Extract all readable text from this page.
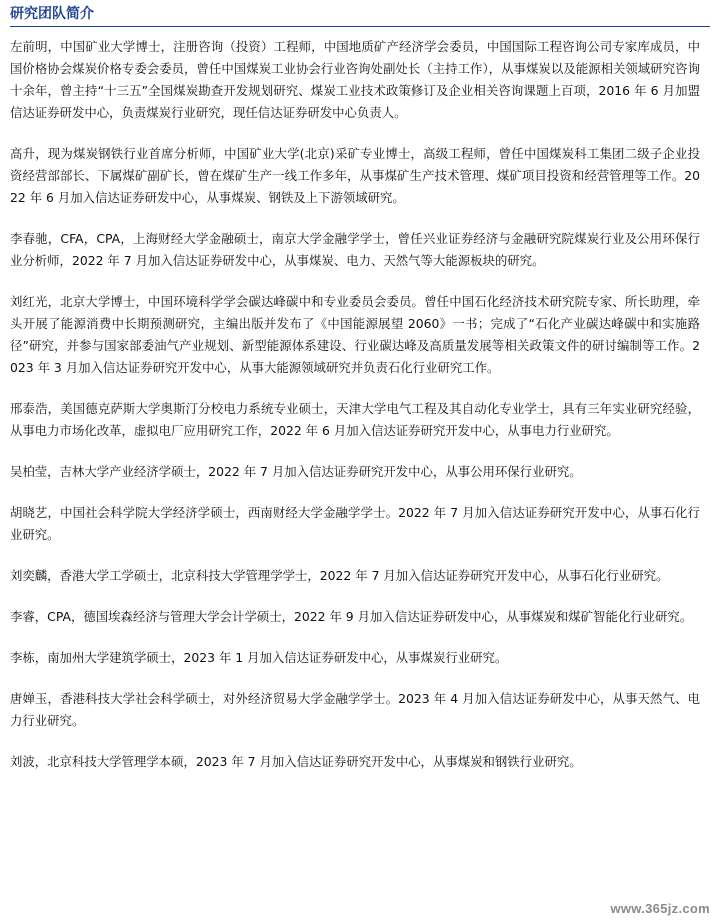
研究团队简介

左前明，中国矿业大学博士，注册咨询（投资）工程师，中国地质矿产经济学会委员，中国国际工程咨询公司专家库成员，中国价格协会煤炭价格专委会委员，曾任中国煤炭工业协会行业咨询处副处长（主持工作），从事煤炭以及能源相关领域研究咨询十余年，曾主持“十三五”全国煤炭勘查开发规划研究、煤炭工业技术政策修订及企业相关咨询课题上百项，2016 年 6 月加盟信达证券研发中心，负责煤炭行业研究，现任信达证券研发中心负责人。

高升，现为煤炭钢铁行业首席分析师，中国矿业大学(北京)采矿专业博士，高级工程师，曾任中国煤炭科工集团二级子企业投资经营部部长、下属煤矿副矿长，曾在煤矿生产一线工作多年，从事煤矿生产技术管理、煤矿项目投资和经营管理等工作。2022 年 6 月加入信达证券研发中心，从事煤炭、钢铁及上下游领域研究。

李春驰，CFA，CPA，上海财经大学金融硕士，南京大学金融学学士，曾任兴业证券经济与金融研究院煤炭行业及公用环保行业分析师，2022 年 7 月加入信达证券研发中心，从事煤炭、电力、天然气等大能源板块的研究。

刘红光，北京大学博士，中国环境科学学会碳达峰碳中和专业委员会委员。曾任中国石化经济技术研究院专家、所长助理，牵头开展了能源消费中长期预测研究，主编出版并发布了《中国能源展望 2060》一书；完成了“石化产业碳达峰碳中和实施路径”研究，并参与国家部委油气产业规划、新型能源体系建设、行业碳达峰及高质量发展等相关政策文件的研讨编制等工作。2023 年 3 月加入信达证券研究开发中心，从事大能源领域研究并负责石化行业研究工作。

邢泰浩，美国德克萨斯大学奥斯汀分校电力系统专业硕士，天津大学电气工程及其自动化专业学士，具有三年实业研究经验，从事电力市场化改革，虚拟电厂应用研究工作，2022 年 6 月加入信达证券研究开发中心，从事电力行业研究。

吴柏莹，吉林大学产业经济学硕士，2022 年 7 月加入信达证券研究开发中心，从事公用环保行业研究。

胡晓艺，中国社会科学院大学经济学硕士，西南财经大学金融学学士。2022 年 7 月加入信达证券研究开发中心，从事石化行业研究。

刘奕麟，香港大学工学硕士，北京科技大学管理学学士，2022 年 7 月加入信达证券研究开发中心，从事石化行业研究。

李睿，CPA，德国埃森经济与管理大学会计学硕士，2022 年 9 月加入信达证券研发中心，从事煤炭和煤矿智能化行业研究。

李栋，南加州大学建筑学硕士，2023 年 1 月加入信达证券研发中心，从事煤炭行业研究。

唐婵玉，香港科技大学社会科学硕士，对外经济贸易大学金融学学士。2023 年 4 月加入信达证券研发中心，从事天然气、电力行业研究。

刘波，北京科技大学管理学本硕，2023 年 7 月加入信达证券研究开发中心，从事煤炭和钢铁行业研究。

www.365jz.com
